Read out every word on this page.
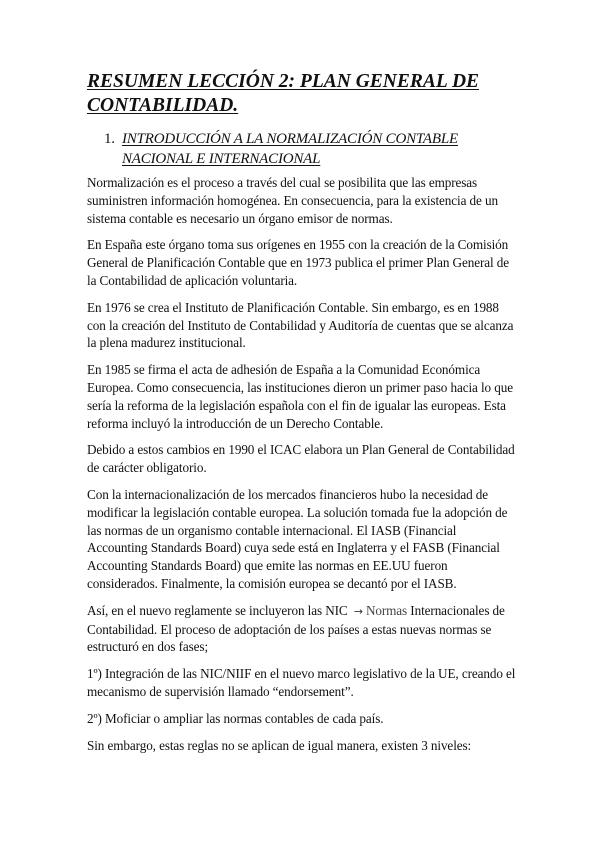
RESUMEN LECCIÓN 2: PLAN GENERAL DE CONTABILIDAD.
1. INTRODUCCIÓN A LA NORMALIZACIÓN CONTABLE NACIONAL E INTERNACIONAL

Normalización es el proceso a través del cual se posibilita que las empresas suministren información homogénea. En consecuencia, para la existencia de un sistema contable es necesario un órgano emisor de normas.

En España este órgano toma sus orígenes en 1955 con la creación de la Comisión General de Planificación Contable que en 1973 publica el primer Plan General de la Contabilidad de aplicación voluntaria.

En 1976 se crea el Instituto de Planificación Contable. Sin embargo, es en 1988 con la creación del Instituto de Contabilidad y Auditoría de cuentas que se alcanza la plena madurez institucional.

En 1985 se firma el acta de adhesión de España a la Comunidad Económica Europea. Como consecuencia, las instituciones dieron un primer paso hacia lo que sería la reforma de la legislación española con el fin de igualar las europeas. Esta reforma incluyó la introducción de un Derecho Contable.

Debido a estos cambios en 1990 el ICAC elabora un Plan General de Contabilidad de carácter obligatorio.

Con la internacionalización de los mercados financieros hubo la necesidad de modificar la legislación contable europea. La solución tomada fue la adopción de las normas de un organismo contable internacional. El IASB (Financial Accounting Standards Board) cuya sede está en Inglaterra y el FASB (Financial Accounting Standards Board) que emite las normas en EE.UU fueron considerados. Finalmente, la comisión europea se decantó por el IASB.

Así, en el nuevo reglamente se incluyeron las NIC → Normas Internacionales de Contabilidad. El proceso de adoptación de los países a estas nuevas normas se estructuró en dos fases;

1º) Integración de las NIC/NIIF en el nuevo marco legislativo de la UE, creando el mecanismo de supervisión llamado “endorsement”.

2º) Moficiar o ampliar las normas contables de cada país.

Sin embargo, estas reglas no se aplican de igual manera, existen 3 niveles:
